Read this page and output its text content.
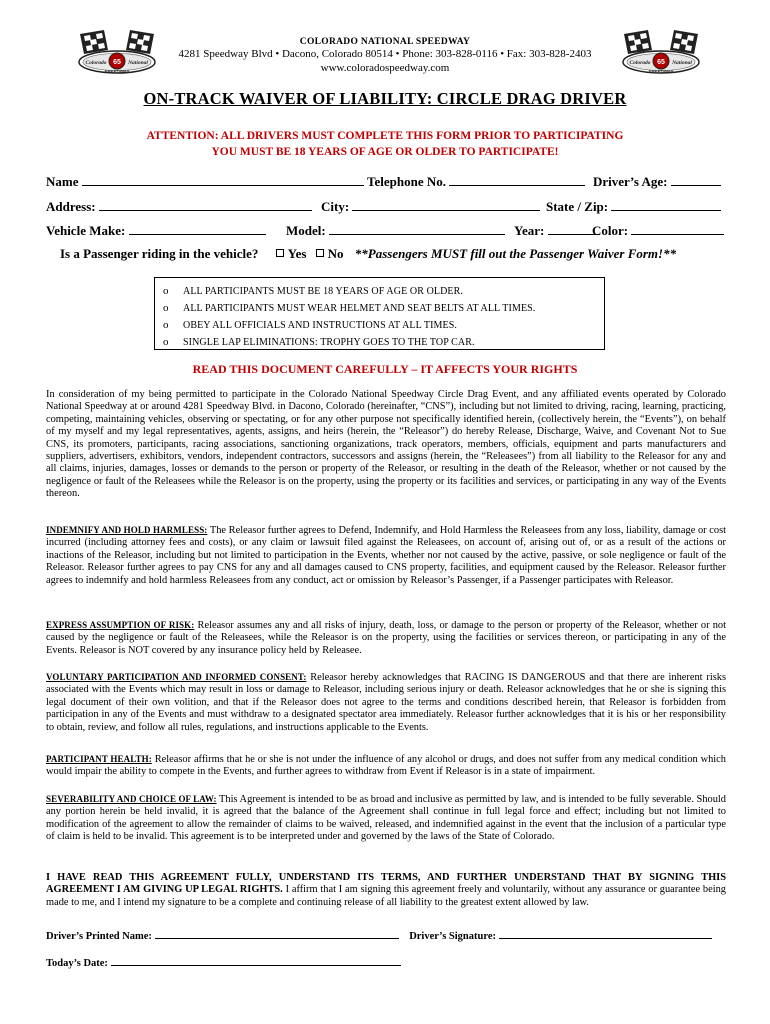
65
Colorado	National
SPEEDWAY
65
Colorado	National
SPEEDWAY
COLORADO NATIONAL SPEEDWAY
4281 Speedway Blvd • Dacono, Colorado 80514 • Phone: 303-828-0116 • Fax: 303-828-2403
www.coloradospeedway.com
ON-TRACK WAIVER OF LIABILITY: CIRCLE DRAG DRIVER
ATTENTION: ALL DRIVERS MUST COMPLETE THIS FORM PRIOR TO PARTICIPATING
YOU MUST BE 18 YEARS OF AGE OR OLDER TO PARTICIPATE!
Name	Telephone No.	Driver’s Age:
Address:	City:	State / Zip:
Vehicle Make:	Model:	Year:	Color:
Is a Passenger riding in the vehicle? Yes No **Passengers MUST fill out the Passenger Waiver Form!**
o ALL PARTICIPANTS MUST BE 18 YEARS OF AGE OR OLDER.
o ALL PARTICIPANTS MUST WEAR HELMET AND SEAT BELTS AT ALL TIMES.
o OBEY ALL OFFICIALS AND INSTRUCTIONS AT ALL TIMES.
o SINGLE LAP ELIMINATIONS: TROPHY GOES TO THE TOP CAR.
READ THIS DOCUMENT CAREFULLY – IT AFFECTS YOUR RIGHTS
In consideration of my being permitted to participate in the Colorado National Speedway Circle Drag Event, and any affiliated events operated by Colorado National Speedway at or around 4281 Speedway Blvd. in Dacono, Colorado (hereinafter, “CNS”), including but not limited to driving, racing, learning, practicing, competing, maintaining vehicles, observing or spectating, or for any other purpose not specifically identified herein, (collectively herein, the “Events”), on behalf of my myself and my legal representatives, agents, assigns, and heirs (herein, the “Releasor”) do hereby Release, Discharge, Waive, and Covenant Not to Sue CNS, its promoters, participants, racing associations, sanctioning organizations, track operators, members, officials, equipment and parts manufacturers and suppliers, advertisers, exhibitors, vendors, independent contractors, successors and assigns (herein, the “Releasees”) from all liability to the Releasor for any and all claims, injuries, damages, losses or demands to the person or property of the Releasor, or resulting in the death of the Releasor, whether or not caused by the negligence or fault of the Releasees while the Releasor is on the property, using the property or its facilities and services, or participating in any way of the Events thereon.
INDEMNIFY AND HOLD HARMLESS: The Releasor further agrees to Defend, Indemnify, and Hold Harmless the Releasees from any loss, liability, damage or cost incurred (including attorney fees and costs), or any claim or lawsuit filed against the Releasees, on account of, arising out of, or as a result of the actions or inactions of the Releasor, including but not limited to participation in the Events, whether nor not caused by the active, passive, or sole negligence or fault of the Releasor. Releasor further agrees to pay CNS for any and all damages caused to CNS property, facilities, and equipment caused by the Releasor. Releasor further agrees to indemnify and hold harmless Releasees from any conduct, act or omission by Releasor’s Passenger, if a Passenger participates with Releasor.
EXPRESS ASSUMPTION OF RISK: Releasor assumes any and all risks of injury, death, loss, or damage to the person or property of the Releasor, whether or not caused by the negligence or fault of the Releasees, while the Releasor is on the property, using the facilities or services thereon, or participating in any of the Events. Releasor is NOT covered by any insurance policy held by Releasee.
VOLUNTARY PARTICIPATION AND INFORMED CONSENT: Releasor hereby acknowledges that RACING IS DANGEROUS and that there are inherent risks associated with the Events which may result in loss or damage to Releasor, including serious injury or death. Releasor acknowledges that he or she is signing this legal document of their own volition, and that if the Releasor does not agree to the terms and conditions described herein, that Releasor is forbidden from participation in any of the Events and must withdraw to a designated spectator area immediately. Releasor further acknowledges that it is his or her responsibility to obtain, review, and follow all rules, regulations, and instructions applicable to the Events.
PARTICIPANT HEALTH: Releasor affirms that he or she is not under the influence of any alcohol or drugs, and does not suffer from any medical condition which would impair the ability to compete in the Events, and further agrees to withdraw from Event if Releasor is in a state of impairment.
SEVERABILITY AND CHOICE OF LAW: This Agreement is intended to be as broad and inclusive as permitted by law, and is intended to be fully severable. Should any portion herein be held invalid, it is agreed that the balance of the Agreement shall continue in full legal force and effect; including but not limited to modification of the agreement to allow the remainder of claims to be waived, released, and indemnified against in the event that the inclusion of a particular type of claim is held to be invalid. This agreement is to be interpreted under and governed by the laws of the State of Colorado.
I HAVE READ THIS AGREEMENT FULLY, UNDERSTAND ITS TERMS, AND FURTHER UNDERSTAND THAT BY SIGNING THIS AGREEMENT I AM GIVING UP LEGAL RIGHTS. I affirm that I am signing this agreement freely and voluntarily, without any assurance or guarantee being made to me, and I intend my signature to be a complete and continuing release of all liability to the greatest extent allowed by law.
Driver’s Printed Name:	Driver’s Signature:
Today’s Date:
